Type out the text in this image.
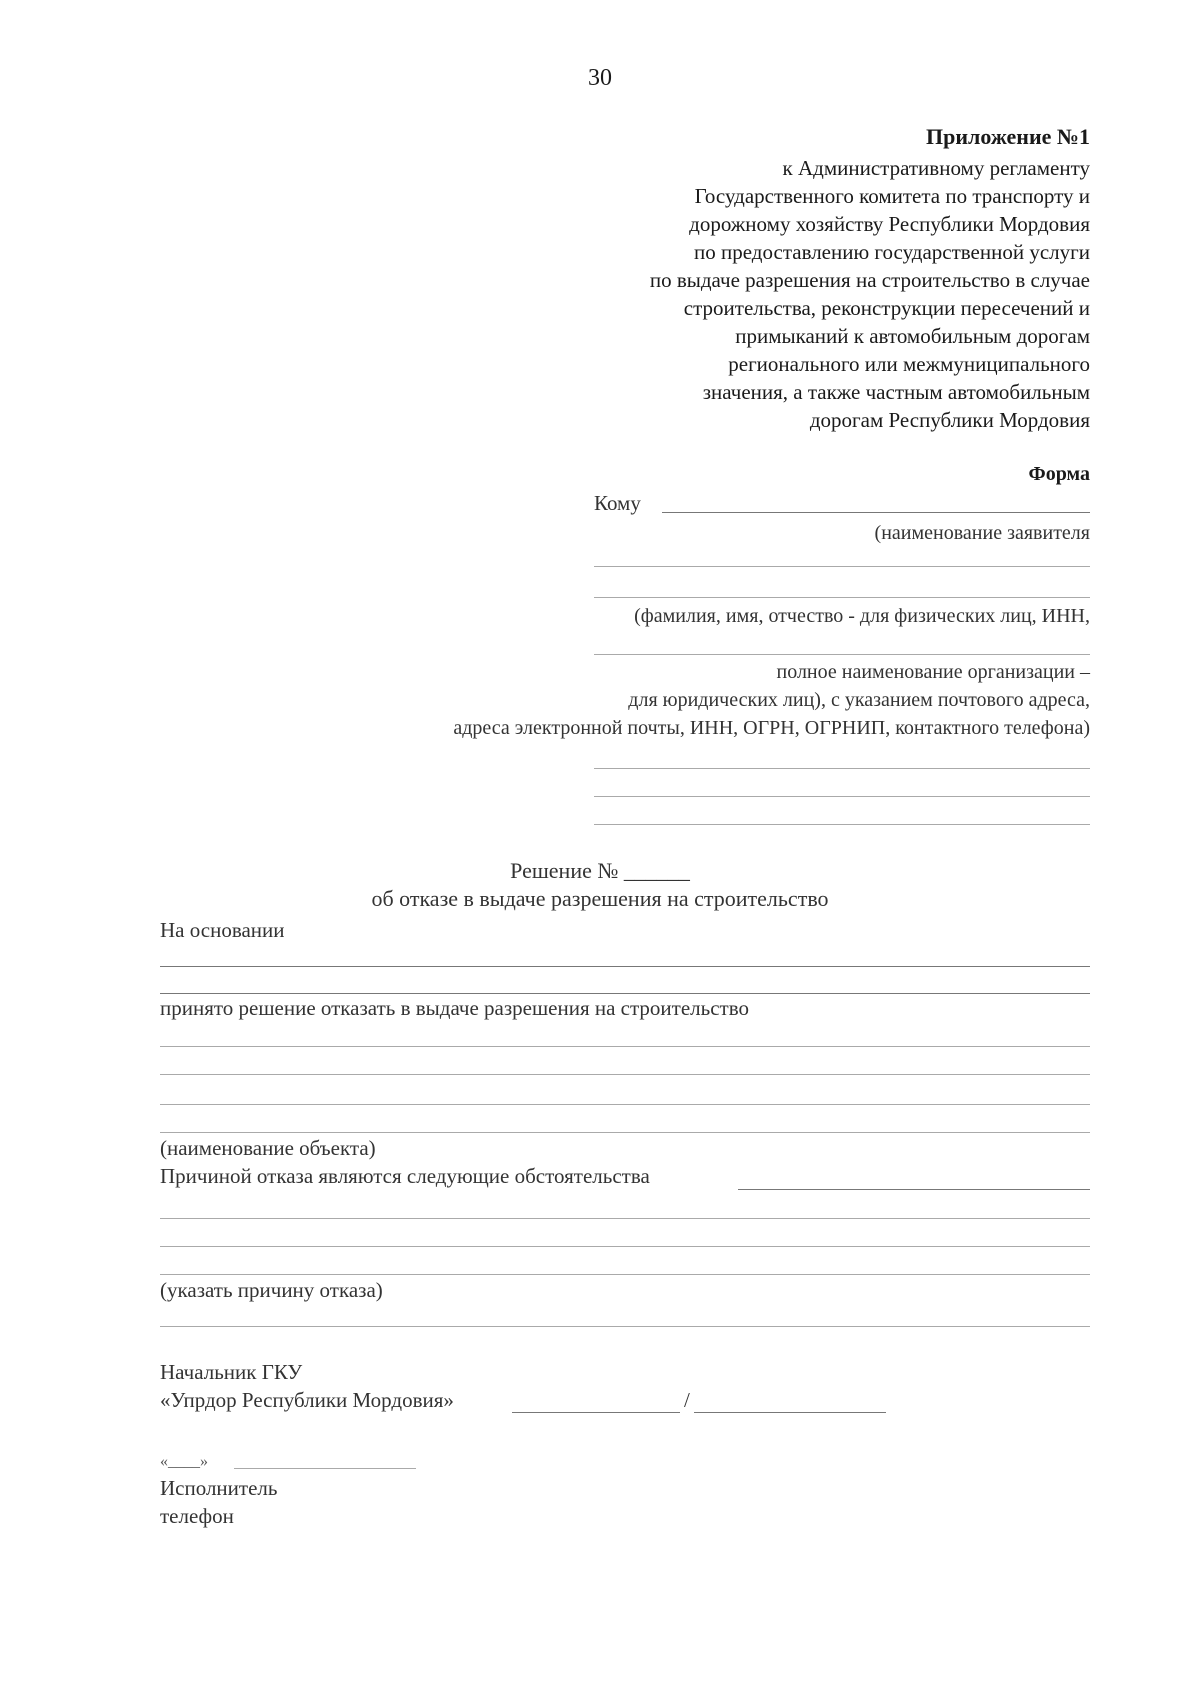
30
Приложение №1
к Административному регламенту
Государственного комитета по транспорту и
дорожному хозяйству Республики Мордовия
по предоставлению государственной услуги
по выдаче разрешения на строительство в случае
строительства, реконструкции пересечений и
примыканий к автомобильным дорогам
регионального или межмуниципального
значения, а также частным автомобильным
дорогам Республики Мордовия
Форма
Кому
(наименование заявителя
(фамилия, имя, отчество - для физических лиц, ИНН,
полное наименование организации –
для юридических лиц), с указанием почтового адреса,
адреса электронной почты, ИНН, ОГРН, ОГРНИП, контактного телефона)
Решение № ______
об отказе в выдаче разрешения на строительство
На основании
принято решение отказать в выдаче разрешения на строительство
(наименование объекта)
Причиной отказа являются следующие обстоятельства
(указать причину отказа)
Начальник ГКУ
«Упрдор Республики Мордовия»	/
«____»
Исполнитель
телефон
